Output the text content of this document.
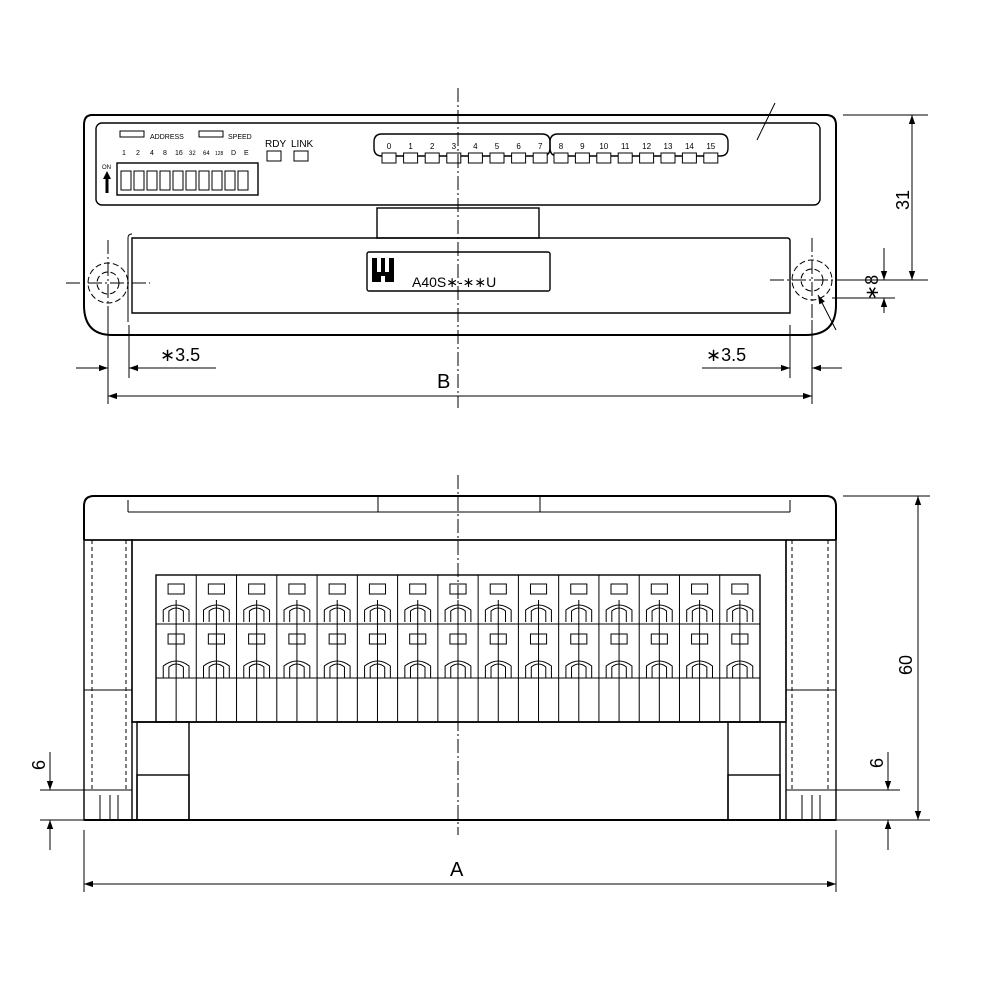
A40S∗-∗∗U
ADDRESS	SPEED
1 2 4 8 16 32 64 128 D E
ON
RDY LINK	0 1 2 3 4 5 6 7 8 9 10 11 12 13 14 15
31
∗8
∗3.5	∗3.5
B
60
6	6
A
